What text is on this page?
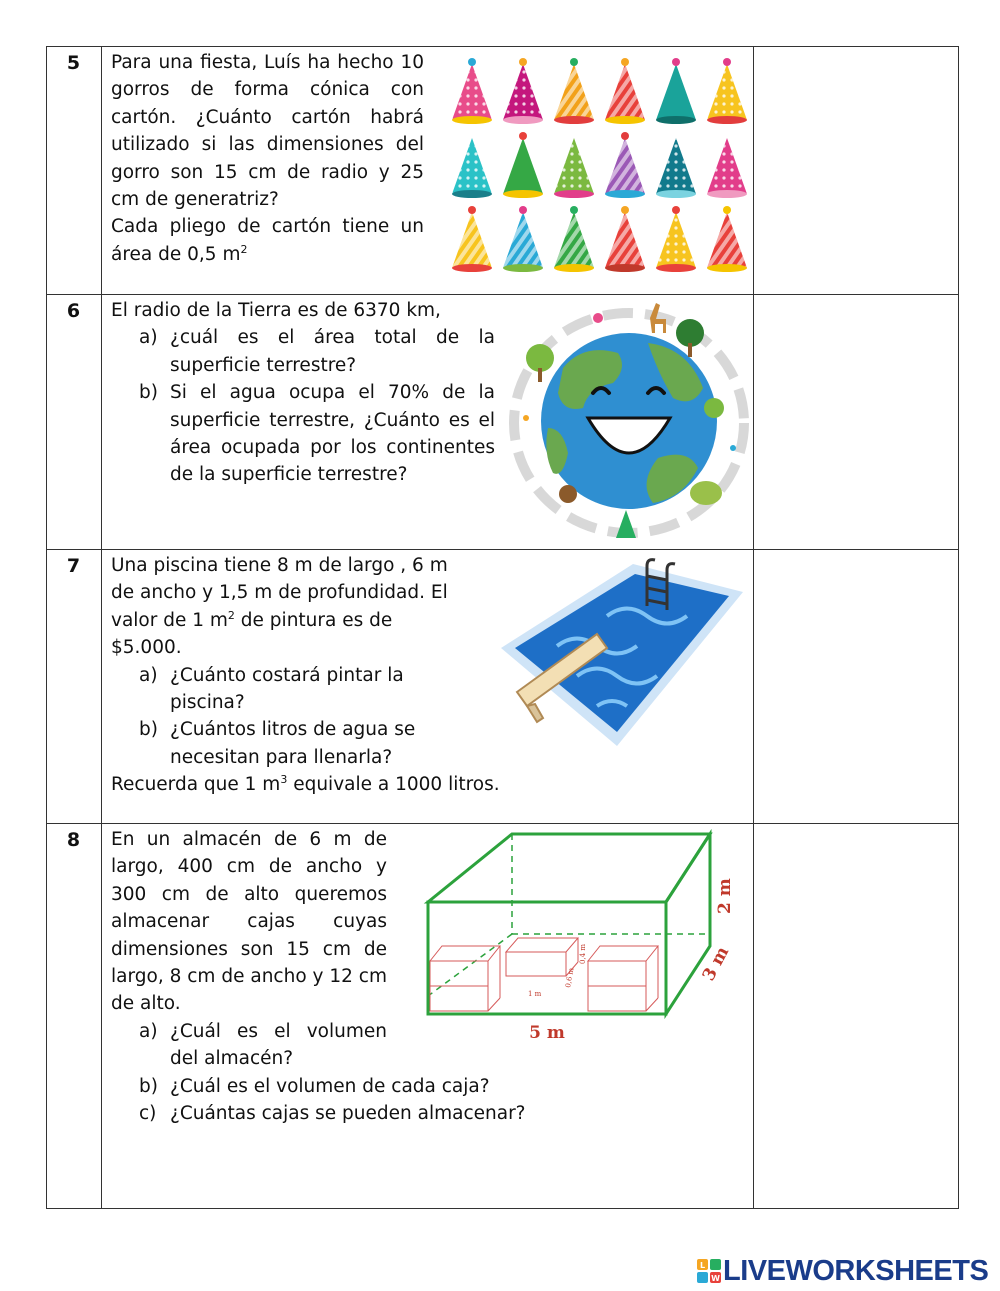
5	Para una fiesta, Luís ha hecho 10 gorros de forma cónica con cartón. ¿Cuánto cartón habrá utilizado si las dimensiones del gorro son 15 cm de radio y 25 cm de generatriz?

Cada pliego de cartón tiene un área de 0,5 $m^2$

6	El radio de la Tierra es de 6370 km,

a) ¿cuál es el área total de la superficie terrestre?
b) Si el agua ocupa el 70% de la superficie terrestre, ¿Cuánto es el área ocupada por los continentes de la superficie terrestre?
7	Una piscina tiene 8 m de largo , 6 m

de ancho y 1,5 m de profundidad. El

valor de 1 $m^2$ de pintura es de

$5.000.

a) ¿Cuánto costará pintar la
piscina?
b) ¿Cuántos litros de agua se
necesitan para llenarla?

Recuerda que 1 $m^3$ equivale a 1000 litros.

8	En un almacén de 6 m de largo, 400 cm de ancho y 300 cm de alto queremos almacenar cajas cuyas dimensiones son 15 cm de largo, 8 cm de ancho y 12 cm de alto.

a) ¿Cuál es el volumen del almacén?
b) ¿Cuál es el volumen de cada caja?
c) ¿Cuántas cajas se pueden almacenar?
5 m
3 m
2 m
1 m
0,6 m
0,4 m
L
W LIVEWORKSHEETS
